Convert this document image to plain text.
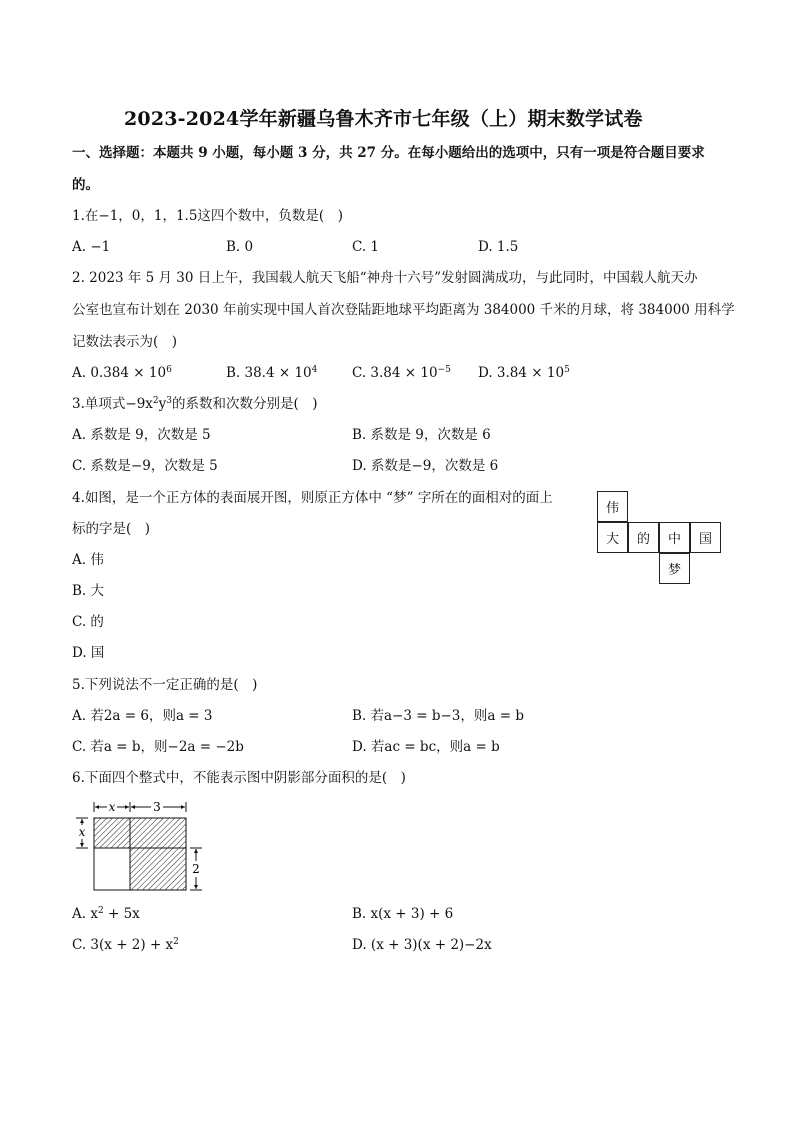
2023-2024学年新疆乌鲁木齐市七年级（上）期末数学试卷
一、选择题：本题共 9 小题，每小题 3 分，共 27 分。在每小题给出的选项中，只有一项是符合题目要求
的。
1.在−1，0，1，1.5这四个数中，负数是(　)
A. −1	B. 0	C. 1	D. 1.5
2. 2023 年 5 月 30 日上午，我国载人航天飞船“神舟十六号”发射圆满成功，与此同时，中国载人航天办
公室也宣布计划在 2030 年前实现中国人首次登陆距地球平均距离为 384000 千米的月球，将 384000 用科学
记数法表示为(　)
A. $0.384 \times 10^6$	B. $38.4 \times 10^4$	C. $3.84 \times 10^{-5}$ D. $3.84 \times 10^5$
3.单项式$-9x^2y^3$的系数和次数分别是(　)
A. 系数是 9，次数是 5	B. 系数是 9，次数是 6
C. 系数是−9，次数是 5	D. 系数是−9，次数是 6
4.如图，是一个正方体的表面展开图，则原正方体中 “梦” 字所在的面相对的面上
标的字是(　)
A. 伟
B. 大
C. 的
D. 国
伟
大	的	中	国
梦
5.下列说法不一定正确的是(　)
A. 若2a = 6，则a = 3	B. 若a−3 = b−3，则a = b
C. 若a = b，则−2a = −2b	D. 若ac = bc，则a = b
6.下面四个整式中，不能表示图中阴影部分面积的是(　)
x	3
x
2
A. $x^2 + 5x$	B. x(x + 3) + 6
C. $3(x + 2) + x^2$	D. (x + 3)(x + 2)−2x
